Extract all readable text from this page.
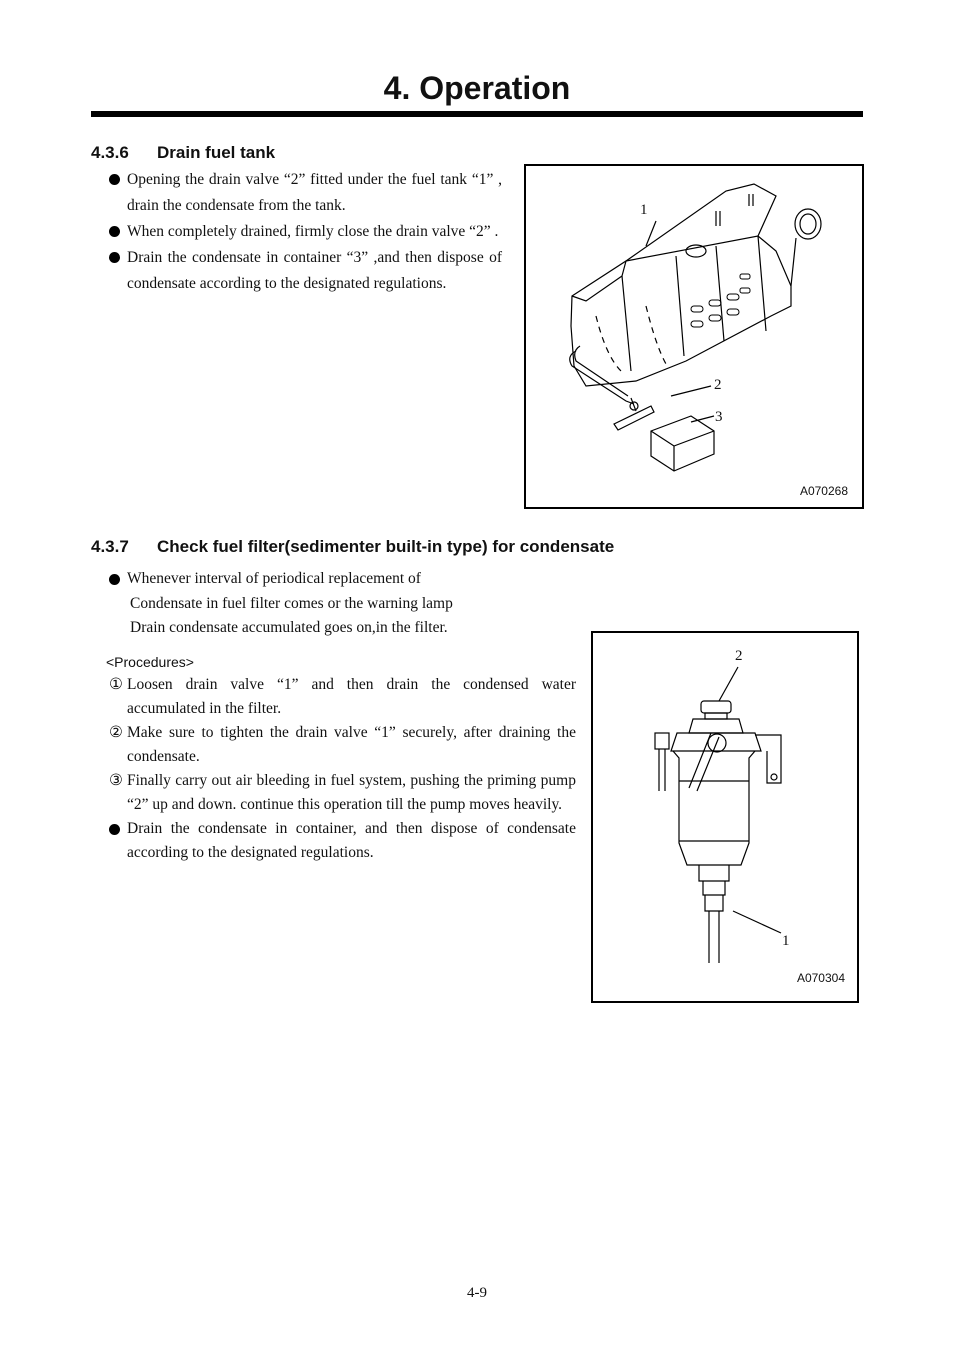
4. Operation
4.3.6 Drain fuel tank
Opening the drain valve “2” fitted under the fuel tank “1” , drain the condensate from the tank.
When completely drained, firmly close the drain valve “2” .
Drain the condensate in container “3” ,and then dispose of condensate according to the designated regulations.
1
2
3
A070268
4.3.7 Check fuel filter(sedimenter built-in type) for condensate
Whenever interval of periodical replacement of
Condensate in fuel filter comes or the warning lamp
Drain condensate accumulated goes on,in the filter.
<Procedures>
① Loosen drain valve “1” and then drain the condensed water accumulated in the filter.
② Make sure to tighten the drain valve “1” securely, after draining the condensate.
③ Finally carry out air bleeding in fuel system, pushing the priming pump “2” up and down. continue this operation till the pump moves heavily.
Drain the condensate in container, and then dispose of condensate according to the designated regulations.
2
1
A070304
4-9
